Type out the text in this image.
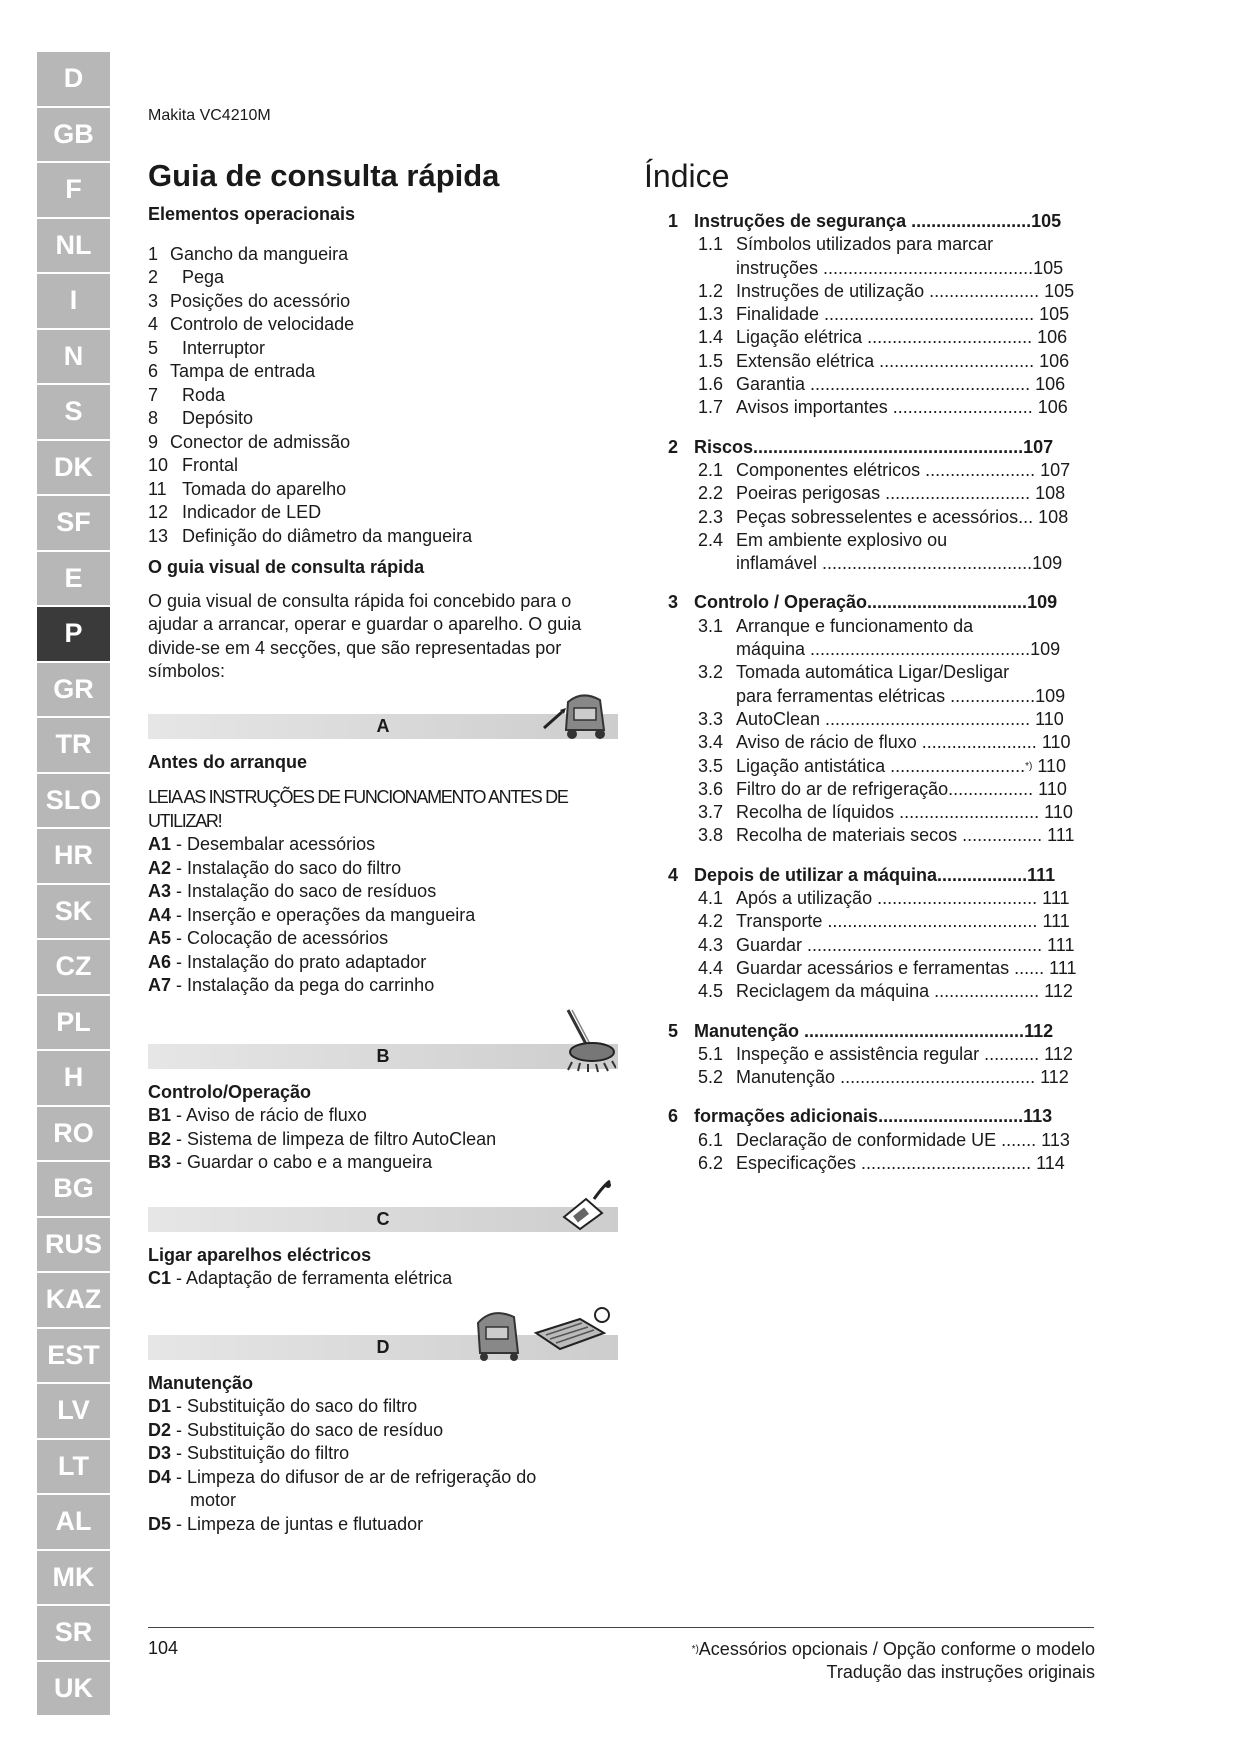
D
GB
F
NL
I
N
S
DK
SF
E
P
GR
TR
SLO
HR
SK
CZ
PL
H
RO
BG
RUS
KAZ
EST
LV
LT
AL
MK
SR
UK
Makita VC4210M
Guia de consulta rápida	Índice
Elementos operacionais
1 Gancho da mangueira
2	Pega
3 Posições do acessório
4 Controlo de velocidade
5	Interruptor
6 Tampa de entrada
7	Roda
8	Depósito
9 Conector de admissão
10 Frontal
11 Tomada do aparelho
12 Indicador de LED
13 Definição do diâmetro da mangueira
O guia visual de consulta rápida

O guia visual de consulta rápida foi concebido para o ajudar a arrancar, operar e guardar o aparelho. O guia divide-se em 4 secções, que são representadas por símbolos:

A
Antes do arranque
LEIA AS INSTRUÇÕES DE FUNCIONAMENTO ANTES DE UTILIZAR!
A1 - Desembalar acessórios
A2 - Instalação do saco do filtro
A3 - Instalação do saco de resíduos
A4 - Inserção e operações da mangueira
A5 - Colocação de acessórios
A6 - Instalação do prato adaptador
A7 - Instalação da pega do carrinho
B
Controlo/Operação
B1 - Aviso de rácio de fluxo
B2 - Sistema de limpeza de filtro AutoClean
B3 - Guardar o cabo e a mangueira
C
Ligar aparelhos eléctricos
C1 - Adaptação de ferramenta elétrica
D
Manutenção
D1 - Substituição do saco do filtro
D2 - Substituição do saco de resíduo
D3 - Substituição do filtro
D4 - Limpeza do difusor de ar de refrigeração do
motor
D5 - Limpeza de juntas e flutuador
1 Instruções de segurança ........................ 105
1.1 Símbolos utilizados para marcar
instruções ..........................................105
1.2 Instruções de utilização ...................... 105
1.3 Finalidade .......................................... 105
1.4 Ligação elétrica ................................. 106
1.5 Extensão elétrica ............................... 106
1.6 Garantia ............................................ 106
1.7 Avisos importantes ............................ 106
2 Riscos...................................................... 107
2.1 Componentes elétricos ...................... 107
2.2 Poeiras perigosas ............................. 108
2.3 Peças sobresselentes e acessórios... 108
2.4 Em ambiente explosivo ou
inflamável ..........................................109
3 Controlo / Operação................................ 109
3.1 Arranque e funcionamento da
máquina ............................................109
3.2 Tomada automática Ligar/Desligar
para ferramentas elétricas .................109
3.3 AutoClean ......................................... 110
3.4 Aviso de rácio de fluxo ....................... 110
3.5 Ligação antistática ...........................*) 110
3.6 Filtro do ar de refrigeração................. 110
3.7 Recolha de líquidos ............................ 110
3.8 Recolha de materiais secos ................ 111
4 Depois de utilizar a máquina.................. 111
4.1 Após a utilização ................................ 111
4.2 Transporte .......................................... 111
4.3 Guardar ............................................... 111
4.4 Guardar acessários e ferramentas ...... 111
4.5 Reciclagem da máquina ..................... 112
5 Manutenção ............................................ 112
5.1 Inspeção e assistência regular ........... 112
5.2 Manutenção ....................................... 112
6 formações adicionais............................. 113
6.1 Declaração de conformidade UE ....... 113
6.2 Especificações .................................. 114
104	*)Acessórios opcionais / Opção conforme o modelo
Tradução das instruções originais
